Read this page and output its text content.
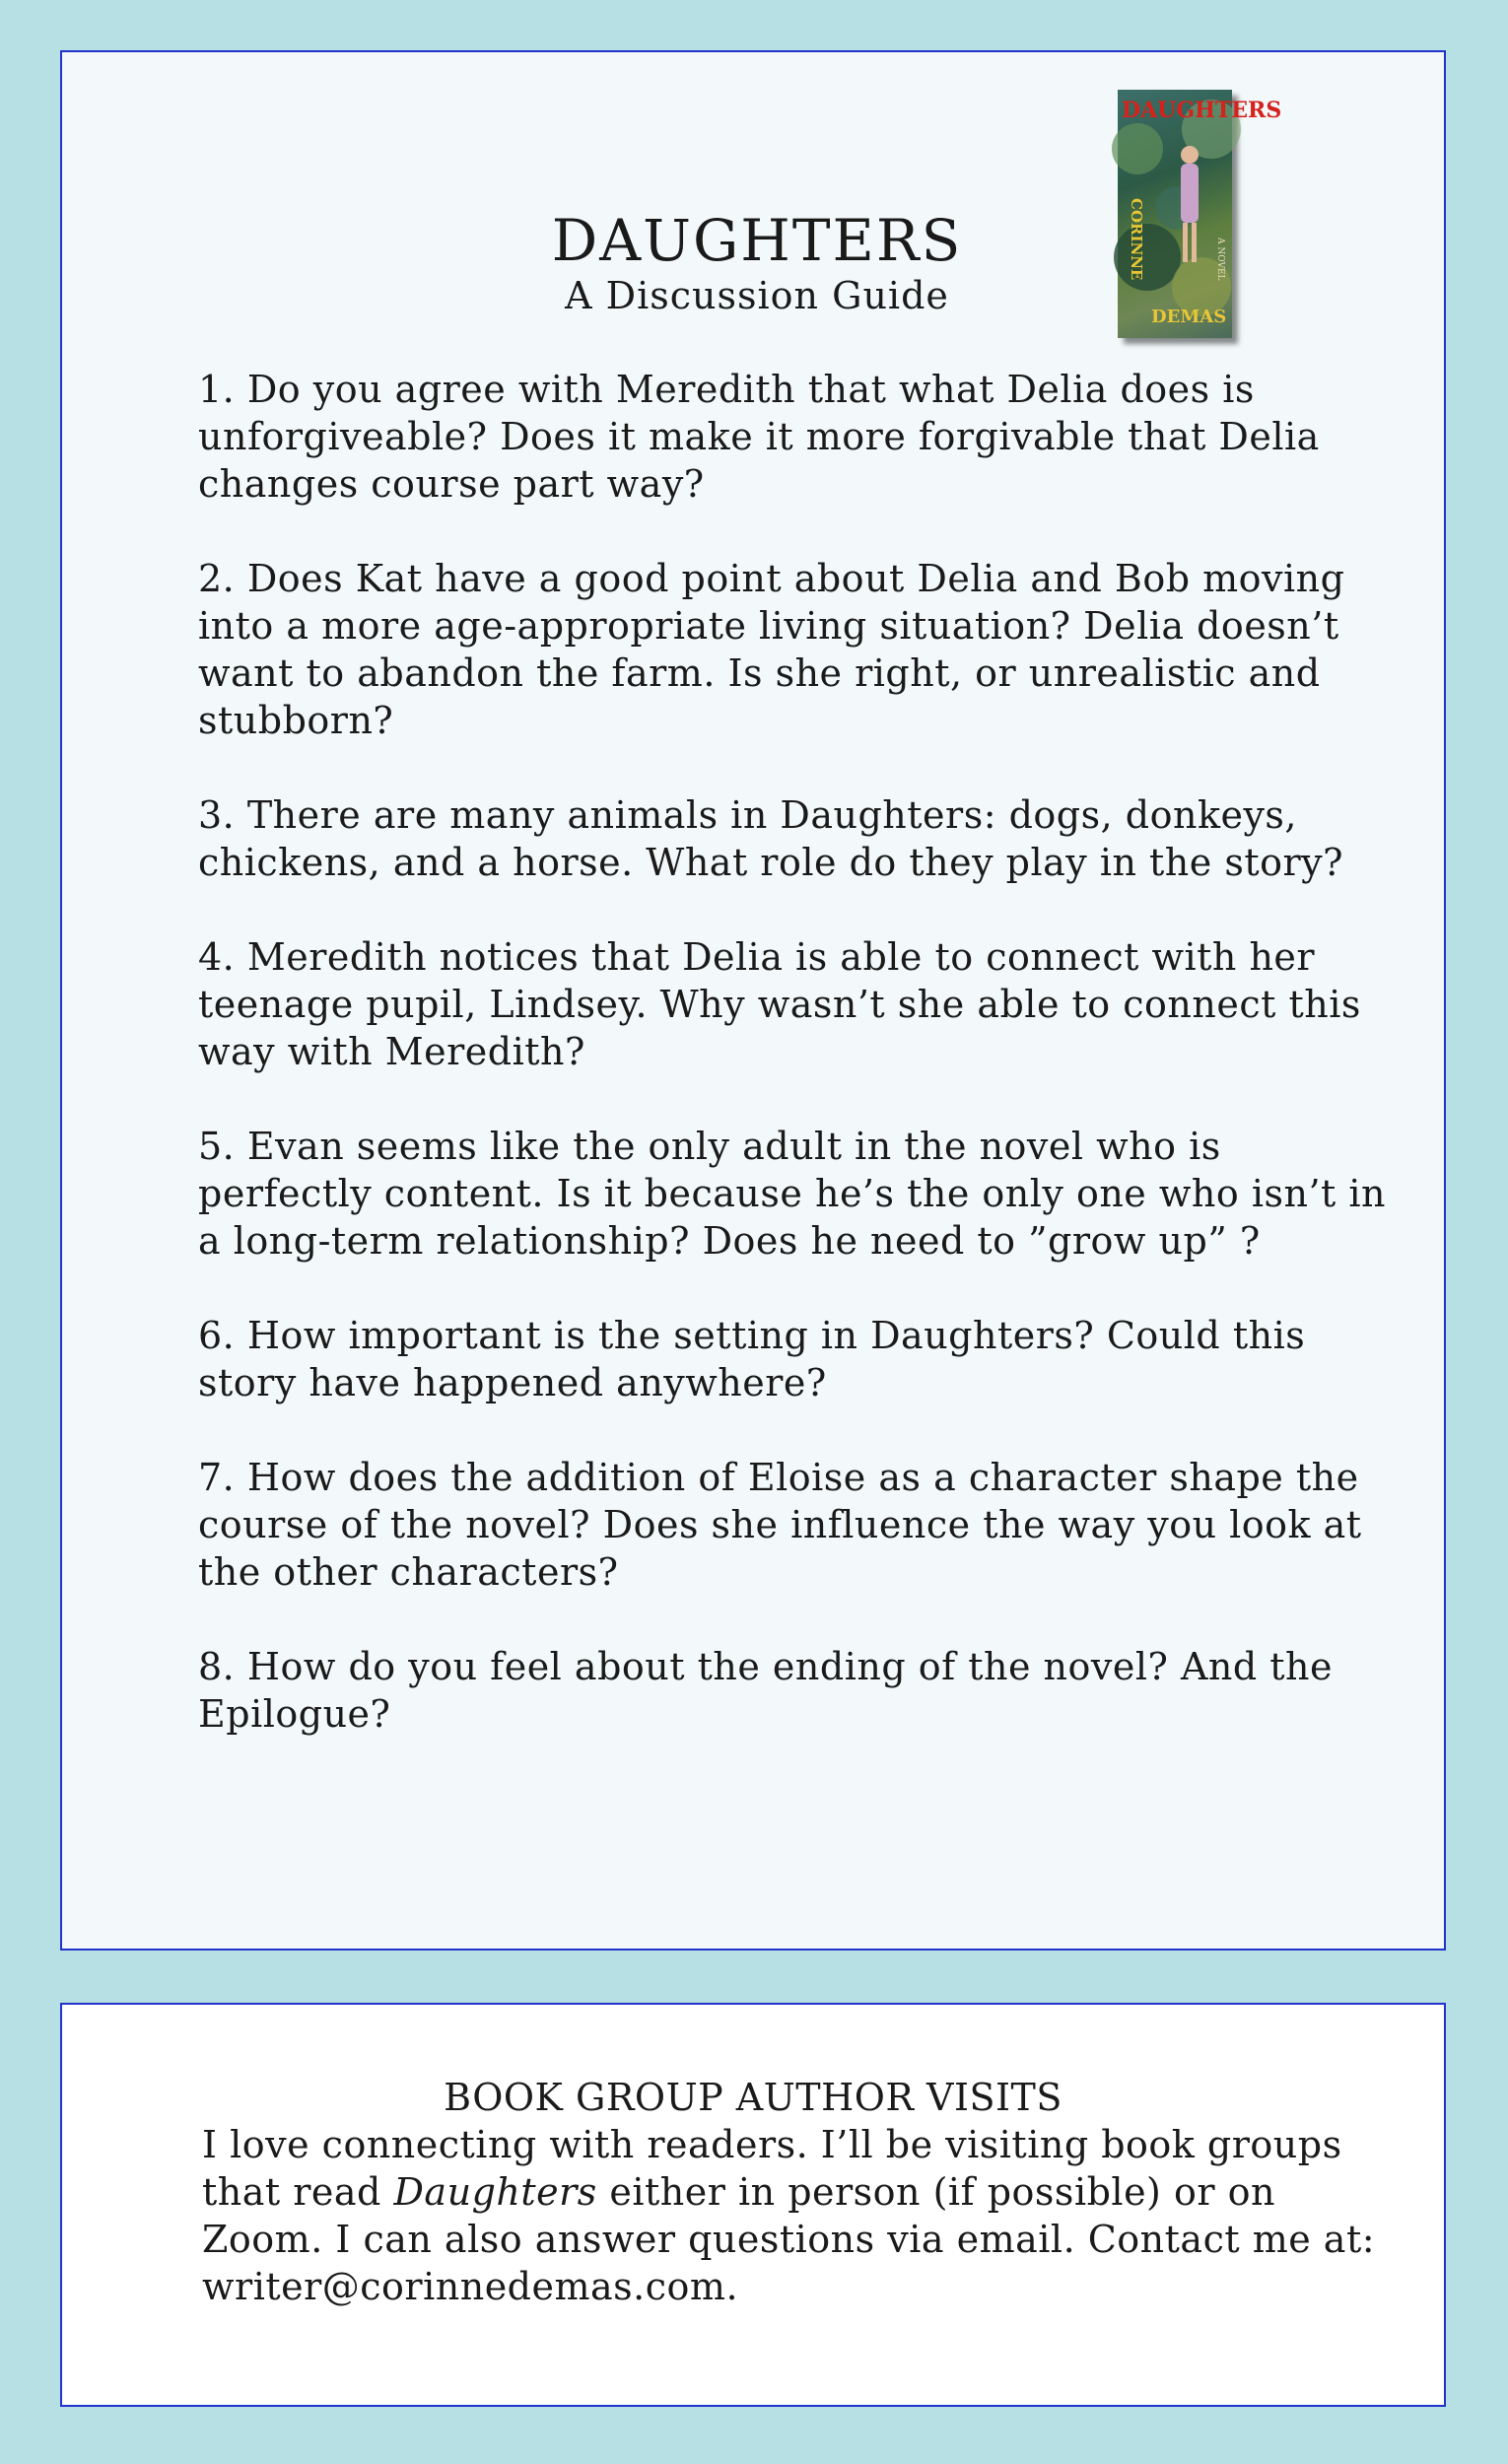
DAUGHTERS
A Discussion Guide
DAUGHTERS
CORINNE	A NOVEL
DEMAS
1. Do you agree with Meredith that what Delia does is unforgiveable? Does it make it more forgivable that Delia changes course part way?
2. Does Kat have a good point about Delia and Bob moving into a more age-appropriate living situation? Delia doesn’t want to abandon the farm. Is she right, or unrealistic and stubborn?
3. There are many animals in Daughters: dogs, donkeys, chickens, and a horse. What role do they play in the story?
4. Meredith notices that Delia is able to connect with her teenage pupil, Lindsey. Why wasn’t she able to connect this way with Meredith?
5. Evan seems like the only adult in the novel who is perfectly content. Is it because he’s the only one who isn’t in a long-term relationship? Does he need to ”grow up” ?
6. How important is the setting in Daughters? Could this story have happened anywhere?
7. How does the addition of Eloise as a character shape the course of the novel? Does she influence the way you look at the other characters?
8. How do you feel about the ending of the novel? And the Epilogue?
BOOK GROUP AUTHOR VISITS
I love connecting with readers. I’ll be visiting book groups that read Daughters either in person (if possible) or on Zoom. I can also answer questions via email. Contact me at: writer@corinnedemas.com.
